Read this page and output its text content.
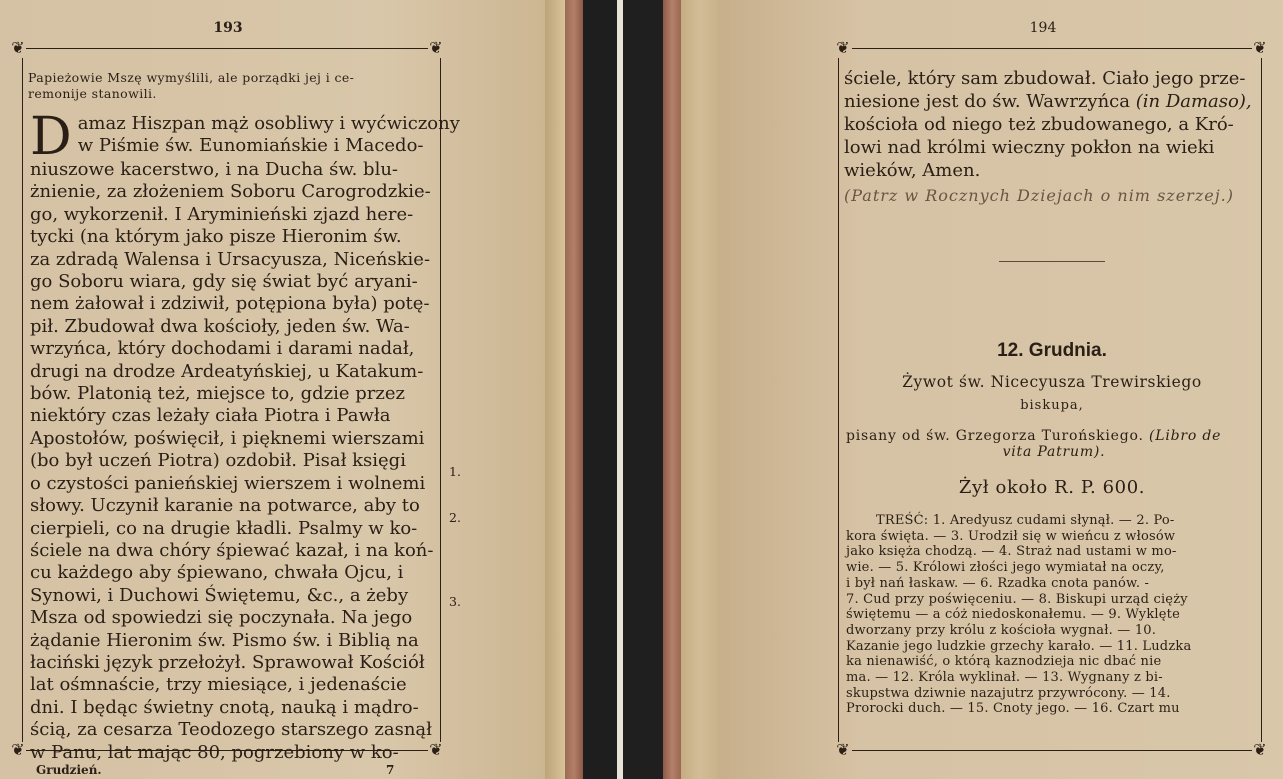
193
❦	❦
❦	❦
Papieżowie Mszę wymyślili, ale porządki jej i ce-
remonije stanowili.
D amaz Hiszpan mąż osobliwy i wyćwiczony
w Piśmie św. Eunomiańskie i Macedo-
niuszowe kacerstwo, i na Ducha św. blu-
żnienie, za złożeniem Soboru Carogrodzkie-
go, wykorzenił. I Aryminieński zjazd here-
tycki (na którym jako pisze Hieronim św.
za zdradą Walensa i Ursacyusza, Niceńskie-
go Soboru wiara, gdy się świat być aryani-
nem żałował i zdziwił, potępiona była) potę-
pił. Zbudował dwa kościoły, jeden św. Wa-
wrzyńca, który dochodami i darami nadał,
drugi na drodze Ardeatyńskiej, u Katakum-
bów. Platonią też, miejsce to, gdzie przez
niektóry czas leżały ciała Piotra i Pawła
Apostołów, poświęcił, i pięknemi wierszami
(bo był uczeń Piotra) ozdobił. Pisał księgi
o czystości panieńskiej wierszem i wolnemi
słowy. Uczynił karanie na potwarce, aby to
cierpieli, co na drugie kładli. Psalmy w ko-
ściele na dwa chóry śpiewać kazał, i na koń-
cu każdego aby śpiewano, chwała Ojcu, i
Synowi, i Duchowi Świętemu, &c., a żeby
Msza od spowiedzi się poczynała. Na jego
żądanie Hieronim św. Pismo św. i Biblią na
łaciński język przełożył. Sprawował Kościół
lat ośmnaście, trzy miesiące, i jedenaście
dni. I będąc świetny cnotą, nauką i mądro-
ścią, za cesarza Teodozego starszego zasnął
w Panu, lat mając 80, pogrzebiony w ko-
1.
2.
3.
Grudzień.	7
194
❦	❦
❦	❦
ściele, który sam zbudował. Ciało jego prze-
niesione jest do św. Wawrzyńca (in Damaso),
kościoła od niego też zbudowanego, a Kró-
lowi nad królmi wieczny pokłon na wieki
wieków, Amen.
(Patrz w Rocznych Dziejach o nim szerzej.)
12. Grudnia.
Żywot św. Nicecyusza Trewirskiego
biskupa,
pisany od św. Grzegorza Turońskiego. (Libro de
vita Patrum).
Żył około R. P. 600.
TREŚĆ: 1. Aredyusz cudami słynął. — 2. Po-
kora święta. — 3. Urodził się w wieńcu z włosów
jako księża chodzą. — 4. Straż nad ustami w mo-
wie. — 5. Królowi złości jego wymiatał na oczy,
i był nań łaskaw. — 6. Rzadka cnota panów. -
7. Cud przy poświęceniu. — 8. Biskupi urząd cięży
świętemu — a cóż niedoskonałemu. — 9. Wyklęte
dworzany przy królu z kościoła wygnał. — 10.
Kazanie jego ludzkie grzechy karało. — 11. Ludzka
ka nienawiść, o którą kaznodzieja nic dbać nie
ma. — 12. Króla wyklinał. — 13. Wygnany z bi-
skupstwa dziwnie nazajutrz przywrócony. — 14.
Prorocki duch. — 15. Cnoty jego. — 16. Czart mu
